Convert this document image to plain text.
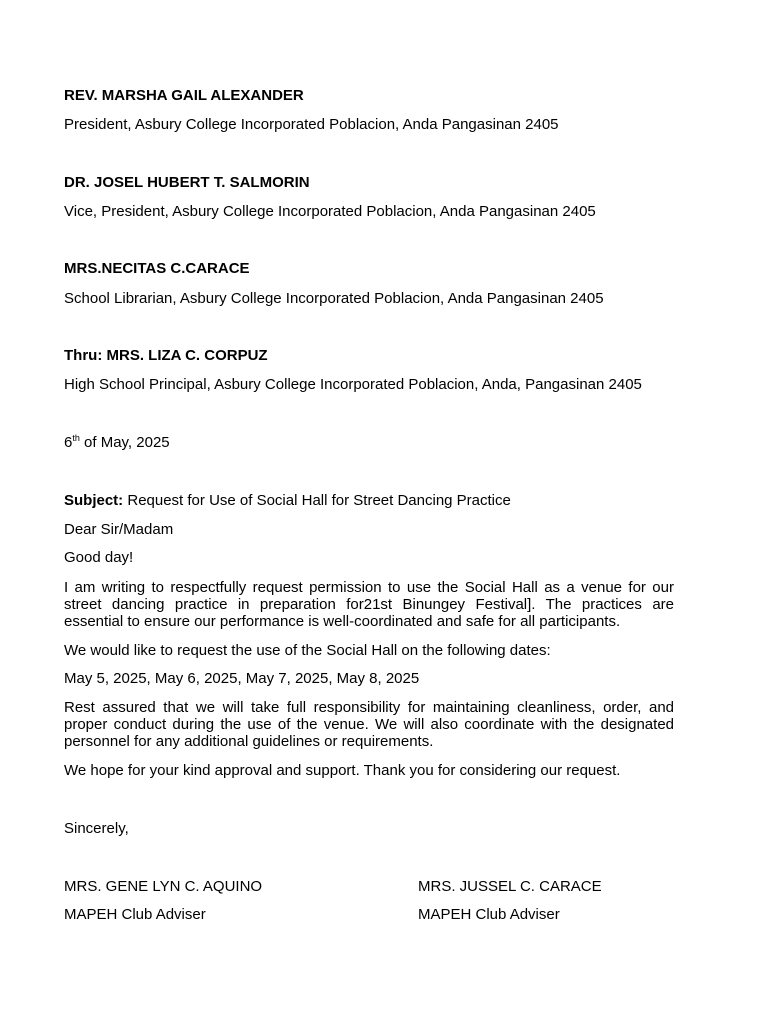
REV. MARSHA GAIL ALEXANDER

President, Asbury College Incorporated Poblacion, Anda Pangasinan 2405

DR. JOSEL HUBERT T. SALMORIN

Vice, President, Asbury College Incorporated Poblacion, Anda Pangasinan 2405

MRS.NECITAS C.CARACE

School Librarian, Asbury College Incorporated Poblacion, Anda Pangasinan 2405

Thru: MRS. LIZA C. CORPUZ

High School Principal, Asbury College Incorporated Poblacion, Anda, Pangasinan 2405

6th of May, 2025

Subject: Request for Use of Social Hall for Street Dancing Practice

Dear Sir/Madam

Good day!

I am writing to respectfully request permission to use the Social Hall as a venue for our street dancing practice in preparation for21st Binungey Festival]. The practices are essential to ensure our performance is well-coordinated and safe for all participants.

We would like to request the use of the Social Hall on the following dates:

May 5, 2025, May 6, 2025, May 7, 2025, May 8, 2025

Rest assured that we will take full responsibility for maintaining cleanliness, order, and proper conduct during the use of the venue. We will also coordinate with the designated personnel for any additional guidelines or requirements.

We hope for your kind approval and support. Thank you for considering our request.

Sincerely,

MRS. GENE LYN C. AQUINO

MAPEH Club Adviser

MRS. JUSSEL C. CARACE

MAPEH Club Adviser
